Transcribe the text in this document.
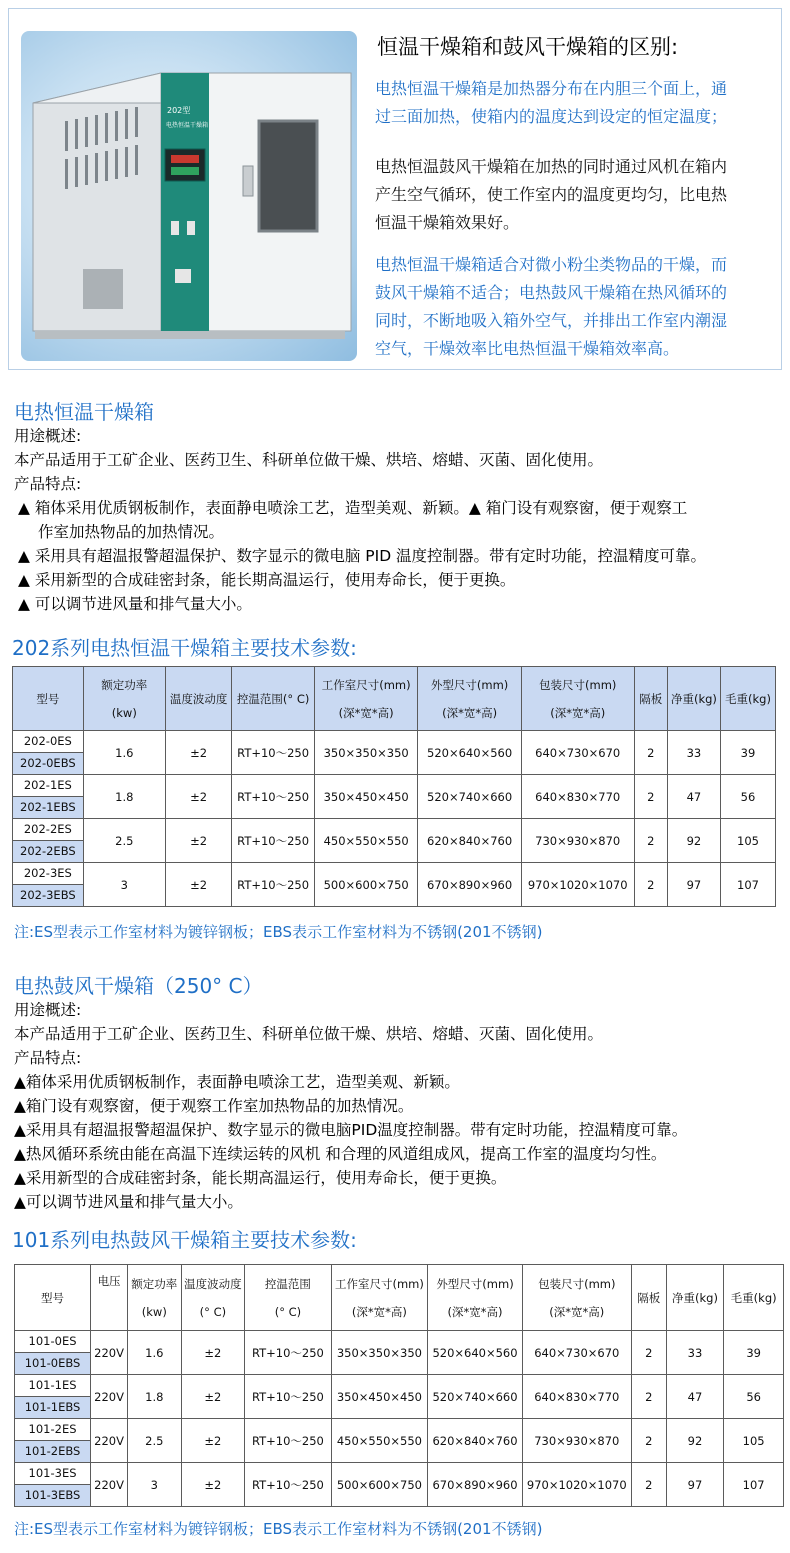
202型
电热恒温干燥箱
恒温干燥箱和鼓风干燥箱的区别:
电热恒温干燥箱是加热器分布在内胆三个面上，通
过三面加热，使箱内的温度达到设定的恒定温度；
电热恒温鼓风干燥箱在加热的同时通过风机在箱内
产生空气循环，使工作室内的温度更均匀，比电热
恒温干燥箱效果好。
电热恒温干燥箱适合对微小粉尘类物品的干燥，而
鼓风干燥箱不适合；电热鼓风干燥箱在热风循环的
同时，不断地吸入箱外空气，并排出工作室内潮湿
空气，干燥效率比电热恒温干燥箱效率高。
电热恒温干燥箱
用途概述:
本产品适用于工矿企业、医药卫生、科研单位做干燥、烘培、熔蜡、灭菌、固化使用。
产品特点:
▲ 箱体采用优质钢板制作，表面静电喷涂工艺，造型美观、新颖。▲ 箱门设有观察窗，便于观察工
作室加热物品的加热情况。
▲ 采用具有超温报警超温保护、数字显示的微电脑 PID 温度控制器。带有定时功能，控温精度可靠。
▲ 采用新型的合成硅密封条，能长期高温运行，使用寿命长，便于更换。
▲ 可以调节进风量和排气量大小。
202系列电热恒温干燥箱主要技术参数:
型号	额定功率
(kw)	温度波动度	控温范围(° C)	工作室尺寸(mm)
(深*宽*高)	外型尺寸(mm)
(深*宽*高)	包装尺寸(mm)
(深*宽*高)	隔板	净重(kg)	毛重(kg)

202-0ES
202-0EBS	1.6	±2	RT+10～250	350×350×350	520×640×560	640×730×670	2	33	39

202-1ES
202-1EBS	1.8	±2	RT+10～250	350×450×450	520×740×660	640×830×770	2	47	56

202-2ES
202-2EBS	2.5	±2	RT+10～250	450×550×550	620×840×760	730×930×870	2	92	105

202-3ES
202-3EBS	3	±2	RT+10～250	500×600×750	670×890×960	970×1020×1070	2	97	107
注:ES型表示工作室材料为镀锌钢板；EBS表示工作室材料为不锈钢(201不锈钢)
电热鼓风干燥箱（250° C）
用途概述:
本产品适用于工矿企业、医药卫生、科研单位做干燥、烘培、熔蜡、灭菌、固化使用。
产品特点:
▲箱体采用优质钢板制作，表面静电喷涂工艺，造型美观、新颖。
▲箱门设有观察窗，便于观察工作室加热物品的加热情况。
▲采用具有超温报警超温保护、数字显示的微电脑PID温度控制器。带有定时功能，控温精度可靠。
▲热风循环系统由能在高温下连续运转的风机 和合理的风道组成风，提高工作室的温度均匀性。
▲采用新型的合成硅密封条，能长期高温运行，使用寿命长，便于更换。
▲可以调节进风量和排气量大小。
101系列电热鼓风干燥箱主要技术参数:
型号	电压	额定功率
(kw)	温度波动度
(° C)	控温范围
(° C)	工作室尺寸(mm)
(深*宽*高)	外型尺寸(mm)
(深*宽*高)	包装尺寸(mm)
(深*宽*高)	隔板	净重(kg)	毛重(kg)

101-0ES
101-0EBS	220V	1.6	±2	RT+10～250	350×350×350	520×640×560	640×730×670	2	33	39

101-1ES
101-1EBS	220V	1.8	±2	RT+10～250	350×450×450	520×740×660	640×830×770	2	47	56

101-2ES
101-2EBS	220V	2.5	±2	RT+10～250	450×550×550	620×840×760	730×930×870	2	92	105

101-3ES
101-3EBS	220V	3	±2	RT+10～250	500×600×750	670×890×960	970×1020×1070	2	97	107
注:ES型表示工作室材料为镀锌钢板；EBS表示工作室材料为不锈钢(201不锈钢)
